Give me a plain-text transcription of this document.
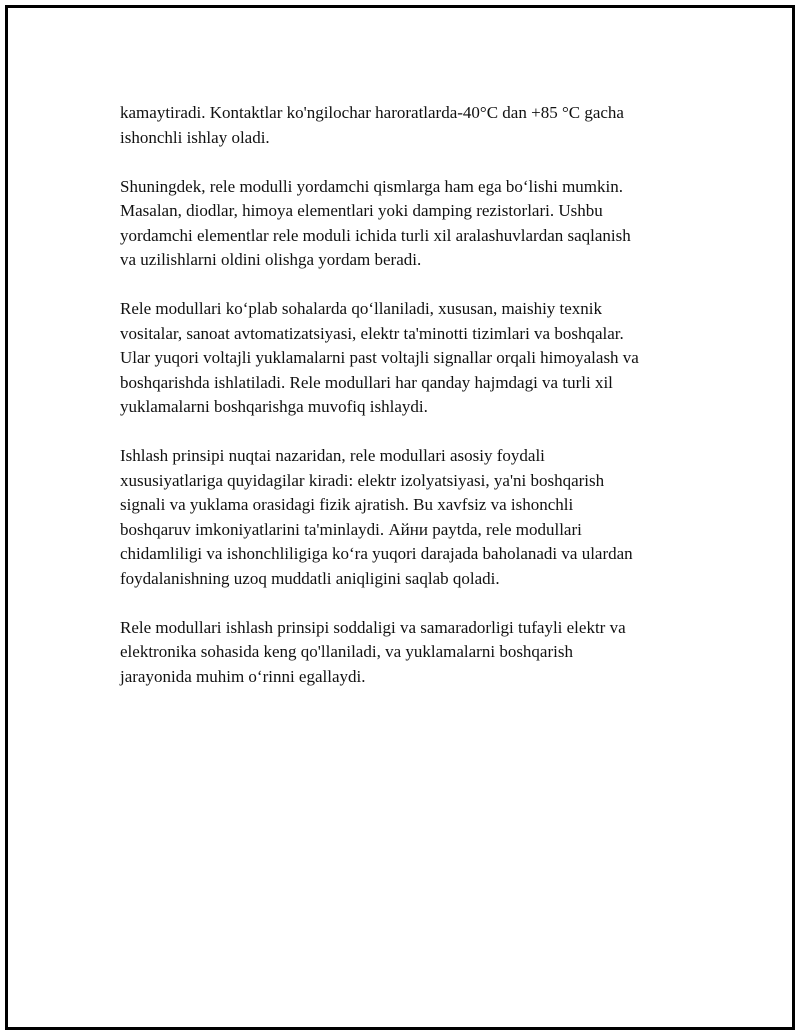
kamaytiradi. Kontaktlar ko'ngilochar haroratlarda-40°C dan +85 °C gacha
ishonchli ishlay oladi.

Shuningdek, rele modulli yordamchi qismlarga ham ega bo‘lishi mumkin.
Masalan, diodlar, himoya elementlari yoki damping rezistorlari. Ushbu
yordamchi elementlar rele moduli ichida turli xil aralashuvlardan saqlanish
va uzilishlarni oldini olishga yordam beradi.

Rele modullari ko‘plab sohalarda qo‘llaniladi, xususan, maishiy texnik
vositalar, sanoat avtomatizatsiyasi, elektr ta'minotti tizimlari va boshqalar.
Ular yuqori voltajli yuklamalarni past voltajli signallar orqali himoyalash va
boshqarishda ishlatiladi. Rele modullari har qanday hajmdagi va turli xil
yuklamalarni boshqarishga muvofiq ishlaydi.

Ishlash prinsipi nuqtai nazaridan, rele modullari asosiy foydali
xususiyatlariga quyidagilar kiradi: elektr izolyatsiyasi, ya'ni boshqarish
signali va yuklama orasidagi fizik ajratish. Bu xavfsiz va ishonchli
boshqaruv imkoniyatlarini ta'minlaydi. Айни paytda, rele modullari
chidamliligi va ishonchliligiga ko‘ra yuqori darajada baholanadi va ulardan
foydalanishning uzoq muddatli aniqligini saqlab qoladi.

Rele modullari ishlash prinsipi soddaligi va samaradorligi tufayli elektr va
elektronika sohasida keng qo'llaniladi, va yuklamalarni boshqarish
jarayonida muhim o‘rinni egallaydi.
